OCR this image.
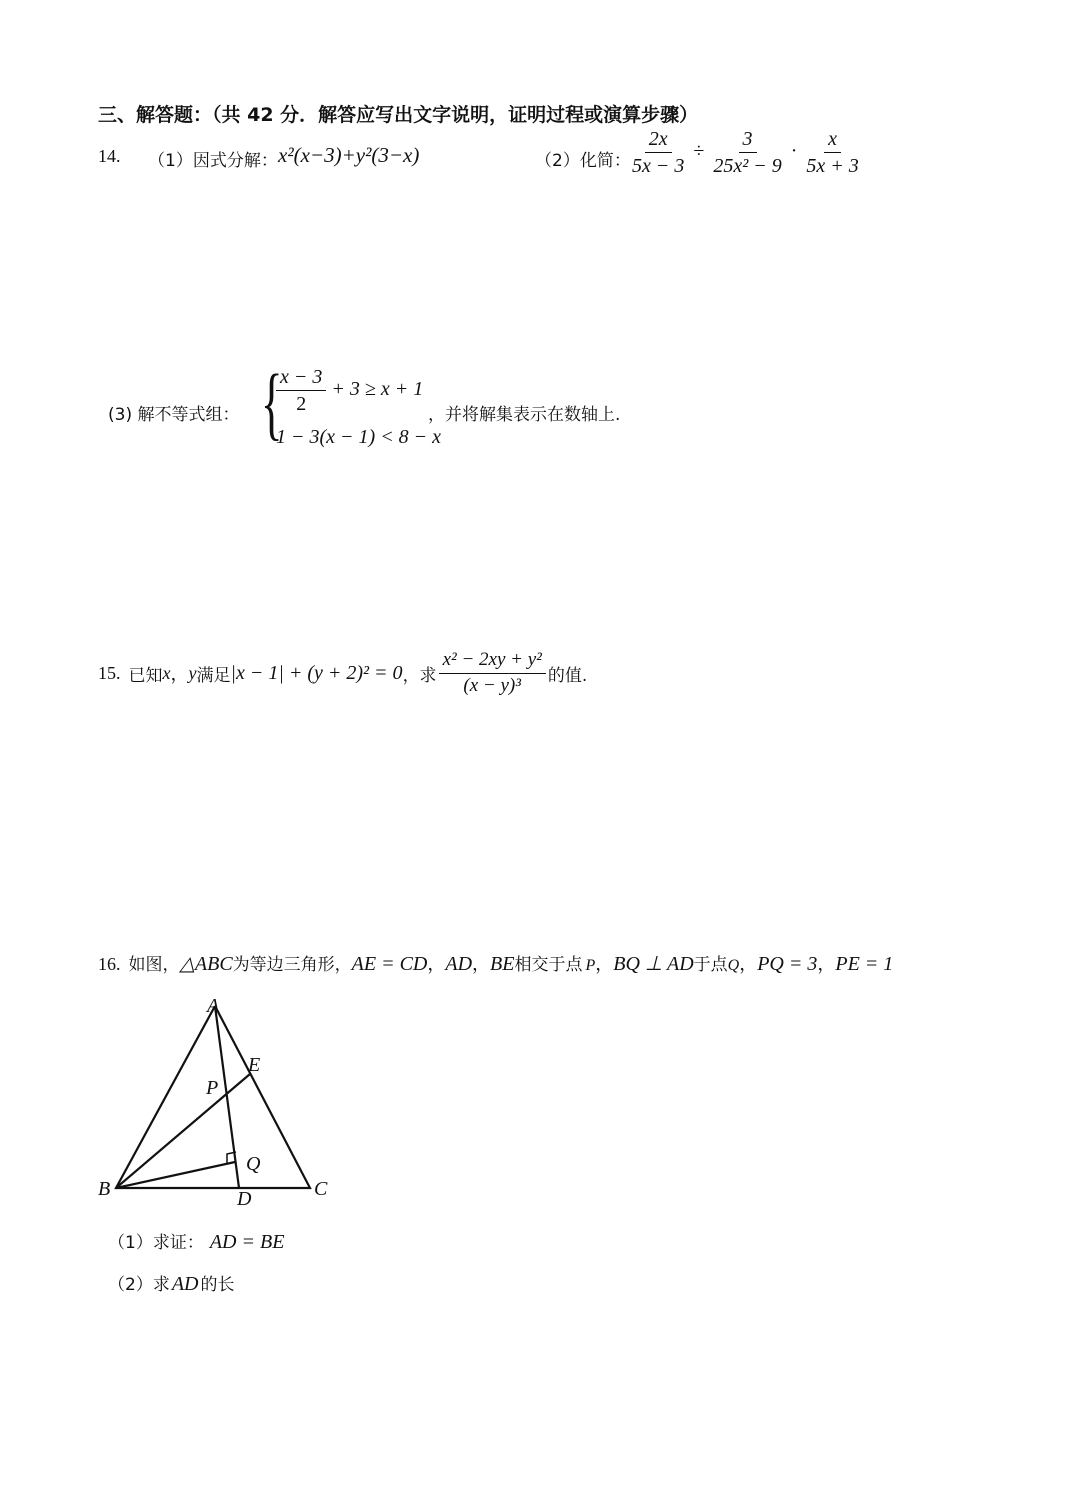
三、解答题：（共 42 分．解答应写出文字说明，证明过程或演算步骤）
14. （1）因式分解： x²(x−3)+y²(3−x)	（2）化简：
$\frac{2x}{5x - 3} \div \frac{3}{\text{25x² − 9}} \cdot \frac{x}{5x + 3}$
(3) 解不等式组： {
$\frac{x - 3}{2} + 3 \ge x + 1$
1 − 3(x − 1) < 8 − x
，并将解集表示在数轴上.
15. 已知 x ， y 满足 |x − 1| + (y + 2)² = 0 ，求 $\frac{\text{x² − 2xy + y²}}{\text{(x − y)³}}$ 的值.
16. 如图， △ABC 为等边三角形， AE = CD ， AD ， BE 相交于点 P ， BQ ⊥ AD 于点 Q ， PQ = 3 ， PE = 1
A
B	C
D
E
P
Q
（1）求证： AD = BE
（2）求 AD 的长
